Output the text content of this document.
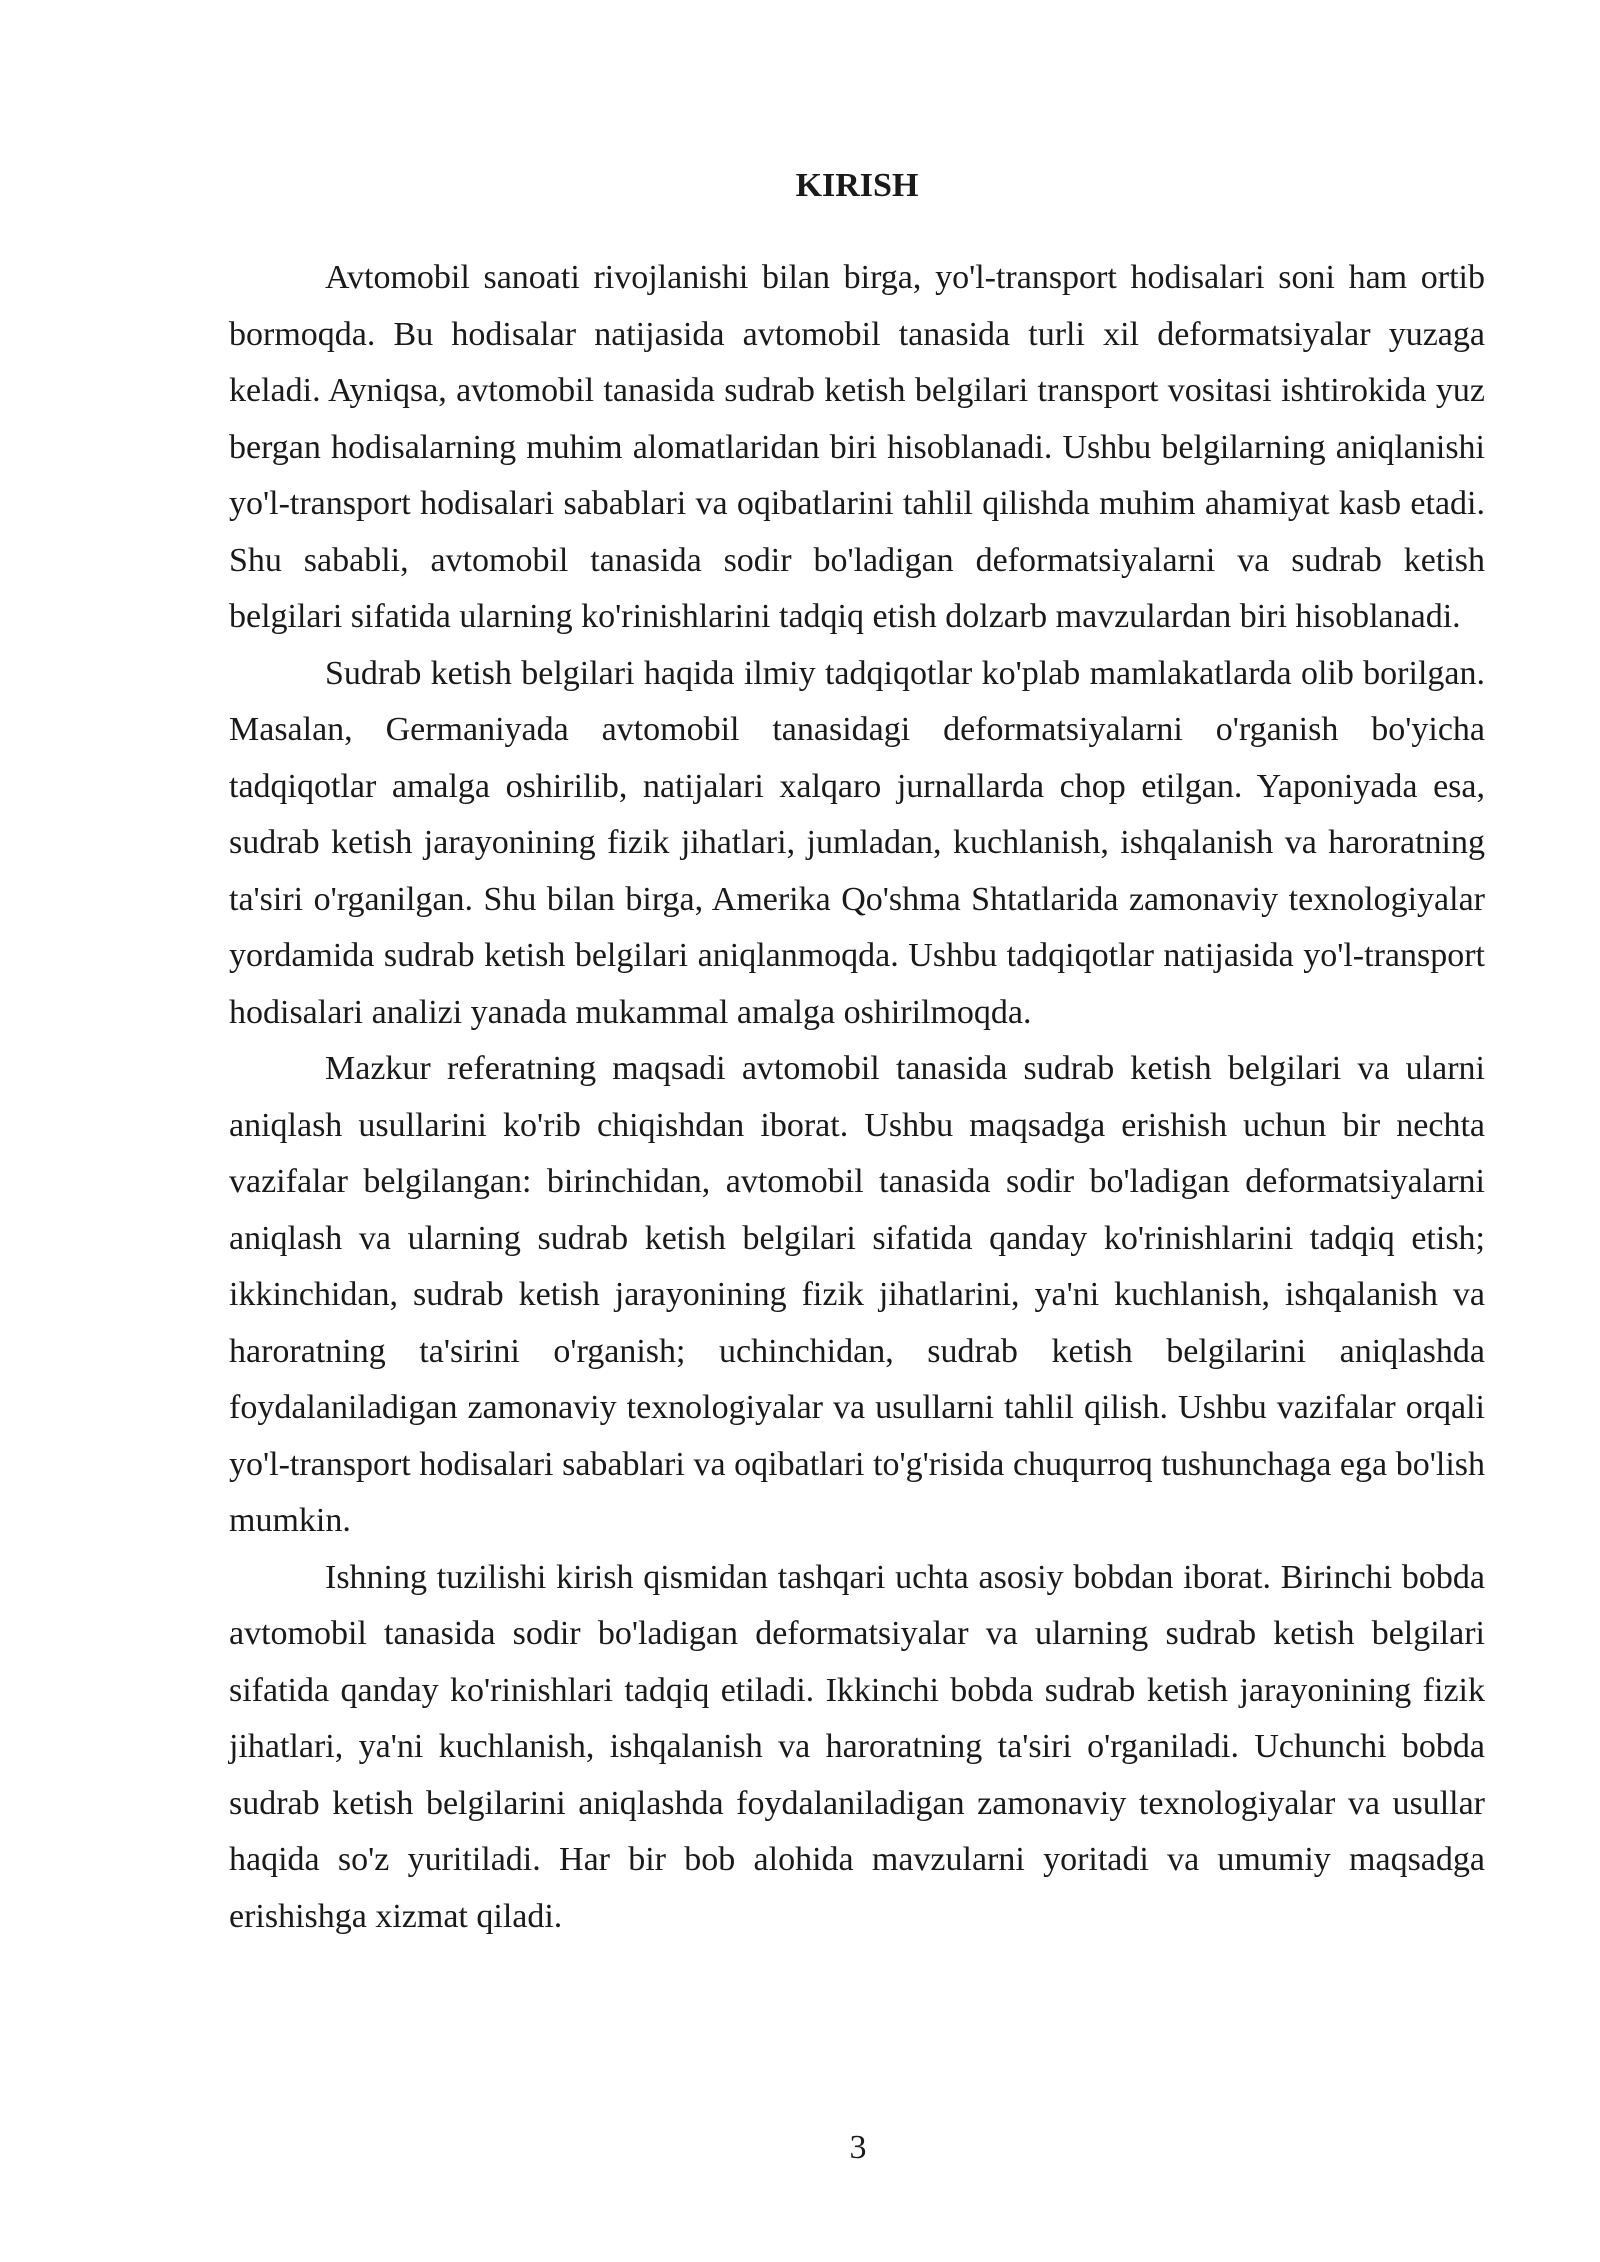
KIRISH

Avtomobil sanoati rivojlanishi bilan birga, yo'l-transport hodisalari soni ham ortib bormoqda. Bu hodisalar natijasida avtomobil tanasida turli xil deformatsiyalar yuzaga keladi. Ayniqsa, avtomobil tanasida sudrab ketish belgilari transport vositasi ishtirokida yuz bergan hodisalarning muhim alomatlaridan biri hisoblanadi. Ushbu belgilarning aniqlanishi yo'l-transport hodisalari sabablari va oqibatlarini tahlil qilishda muhim ahamiyat kasb etadi. Shu sababli, avtomobil tanasida sodir bo'ladigan deformatsiyalarni va sudrab ketish belgilari sifatida ularning ko'rinishlarini tadqiq etish dolzarb mavzulardan biri hisoblanadi.

Sudrab ketish belgilari haqida ilmiy tadqiqotlar ko'plab mamlakatlarda olib borilgan. Masalan, Germaniyada avtomobil tanasidagi deformatsiyalarni o'rganish bo'yicha tadqiqotlar amalga oshirilib, natijalari xalqaro jurnallarda chop etilgan. Yaponiyada esa, sudrab ketish jarayonining fizik jihatlari, jumladan, kuchlanish, ishqalanish va haroratning ta'siri o'rganilgan. Shu bilan birga, Amerika Qo'shma Shtatlarida zamonaviy texnologiyalar yordamida sudrab ketish belgilari aniqlanmoqda. Ushbu tadqiqotlar natijasida yo'l-transport hodisalari analizi yanada mukammal amalga oshirilmoqda.

Mazkur referatning maqsadi avtomobil tanasida sudrab ketish belgilari va ularni aniqlash usullarini ko'rib chiqishdan iborat. Ushbu maqsadga erishish uchun bir nechta vazifalar belgilangan: birinchidan, avtomobil tanasida sodir bo'ladigan deformatsiyalarni aniqlash va ularning sudrab ketish belgilari sifatida qanday ko'rinishlarini tadqiq etish; ikkinchidan, sudrab ketish jarayonining fizik jihatlarini, ya'ni kuchlanish, ishqalanish va haroratning ta'sirini o'rganish; uchinchidan, sudrab ketish belgilarini aniqlashda foydalaniladigan zamonaviy texnologiyalar va usullarni tahlil qilish. Ushbu vazifalar orqali yo'l-transport hodisalari sabablari va oqibatlari to'g'risida chuqurroq tushunchaga ega bo'lish mumkin.

Ishning tuzilishi kirish qismidan tashqari uchta asosiy bobdan iborat. Birinchi bobda avtomobil tanasida sodir bo'ladigan deformatsiyalar va ularning sudrab ketish belgilari sifatida qanday ko'rinishlari tadqiq etiladi. Ikkinchi bobda sudrab ketish jarayonining fizik jihatlari, ya'ni kuchlanish, ishqalanish va haroratning ta'siri o'rganiladi. Uchunchi bobda sudrab ketish belgilarini aniqlashda foydalaniladigan zamonaviy texnologiyalar va usullar haqida so'z yuritiladi. Har bir bob alohida mavzularni yoritadi va umumiy maqsadga erishishga xizmat qiladi.

3
